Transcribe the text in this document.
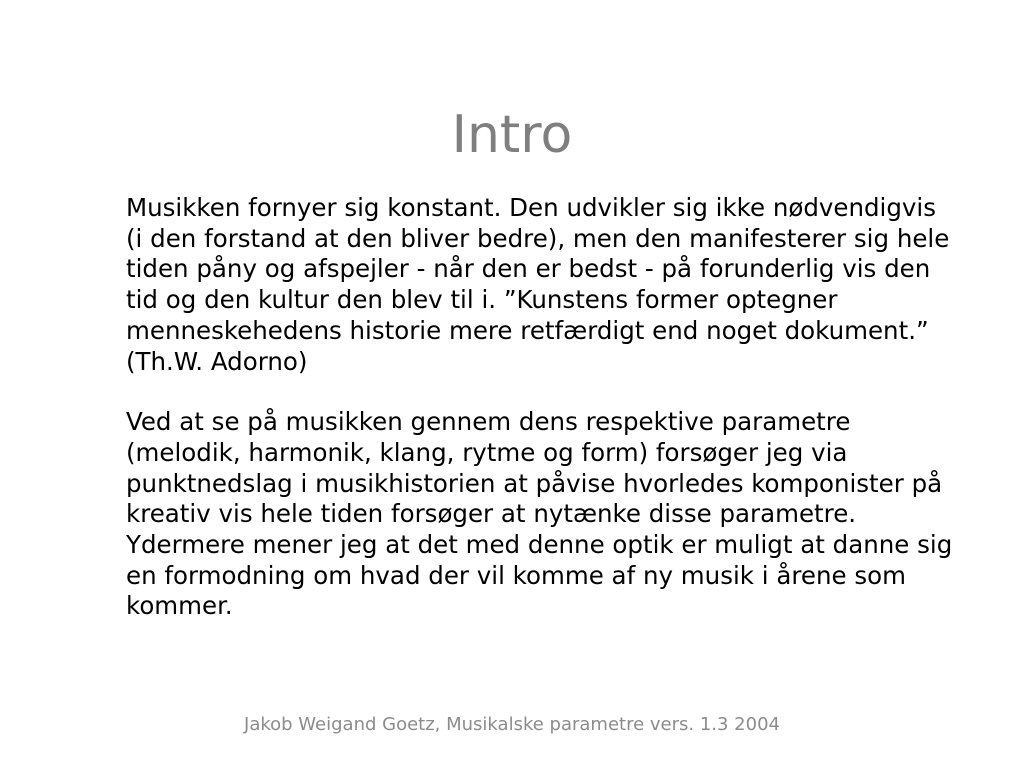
Intro

Musikken fornyer sig konstant. Den udvikler sig ikke nødvendigvis (i den forstand at den bliver bedre), men den manifesterer sig hele tiden påny og afspejler - når den er bedst - på forunderlig vis den tid og den kultur den blev til i. ”Kunstens former optegner menneskehedens historie mere retfærdigt end noget dokument.” (Th.W. Adorno)

Ved at se på musikken gennem dens respektive parametre (melodik, harmonik, klang, rytme og form) forsøger jeg via punktnedslag i musikhistorien at påvise hvorledes komponister på kreativ vis hele tiden forsøger at nytænke disse parametre. Ydermere mener jeg at det med denne optik er muligt at danne sig en formodning om hvad der vil komme af ny musik i årene som kommer.

Jakob Weigand Goetz, Musikalske parametre vers. 1.3 2004
